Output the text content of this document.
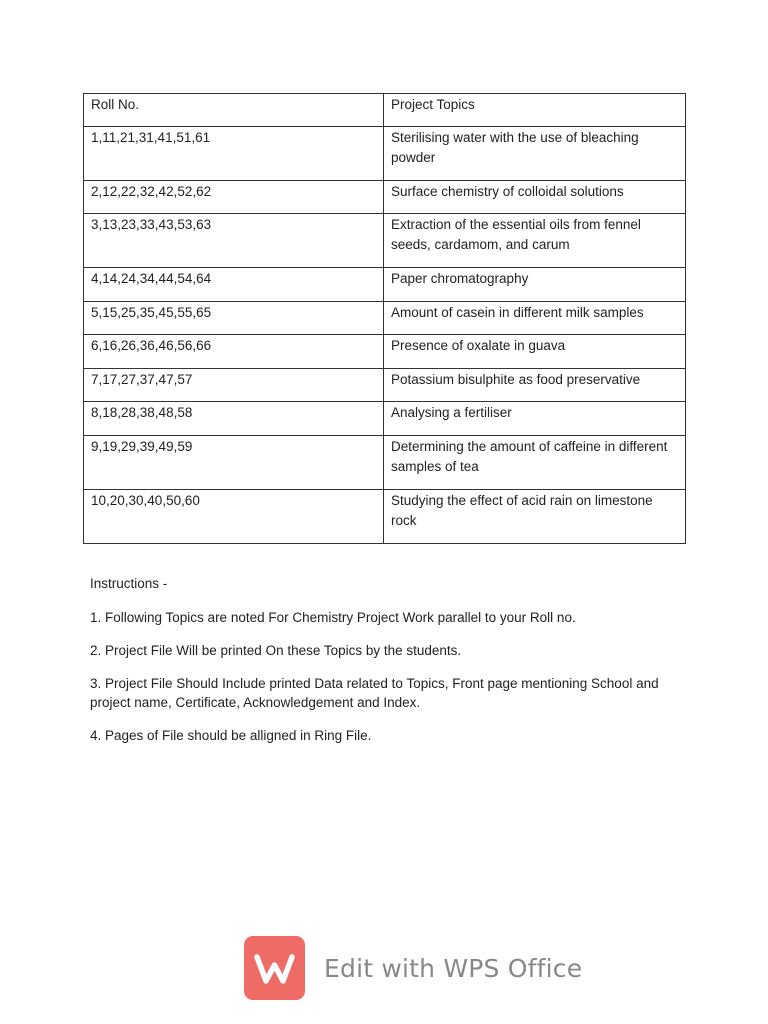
Roll No.	Project Topics
1,11,21,31,41,51,61	Sterilising water with the use of bleaching powder
2,12,22,32,42,52,62	Surface chemistry of colloidal solutions
3,13,23,33,43,53,63	Extraction of the essential oils from fennel seeds, cardamom, and carum
4,14,24,34,44,54,64	Paper chromatography
5,15,25,35,45,55,65	Amount of casein in different milk samples
6,16,26,36,46,56,66	Presence of oxalate in guava
7,17,27,37,47,57	Potassium bisulphite as food preservative
8,18,28,38,48,58	Analysing a fertiliser
9,19,29,39,49,59	Determining the amount of caffeine in different samples of tea
10,20,30,40,50,60	Studying the effect of acid rain on limestone rock

Instructions -

1. Following Topics are noted For Chemistry Project Work parallel to your Roll no.

2. Project File Will be printed On these Topics by the students.

3. Project File Should Include printed Data related to Topics, Front page mentioning School and project name, Certificate, Acknowledgement and Index.

4. Pages of File should be alligned in Ring File.

Edit with WPS Office
